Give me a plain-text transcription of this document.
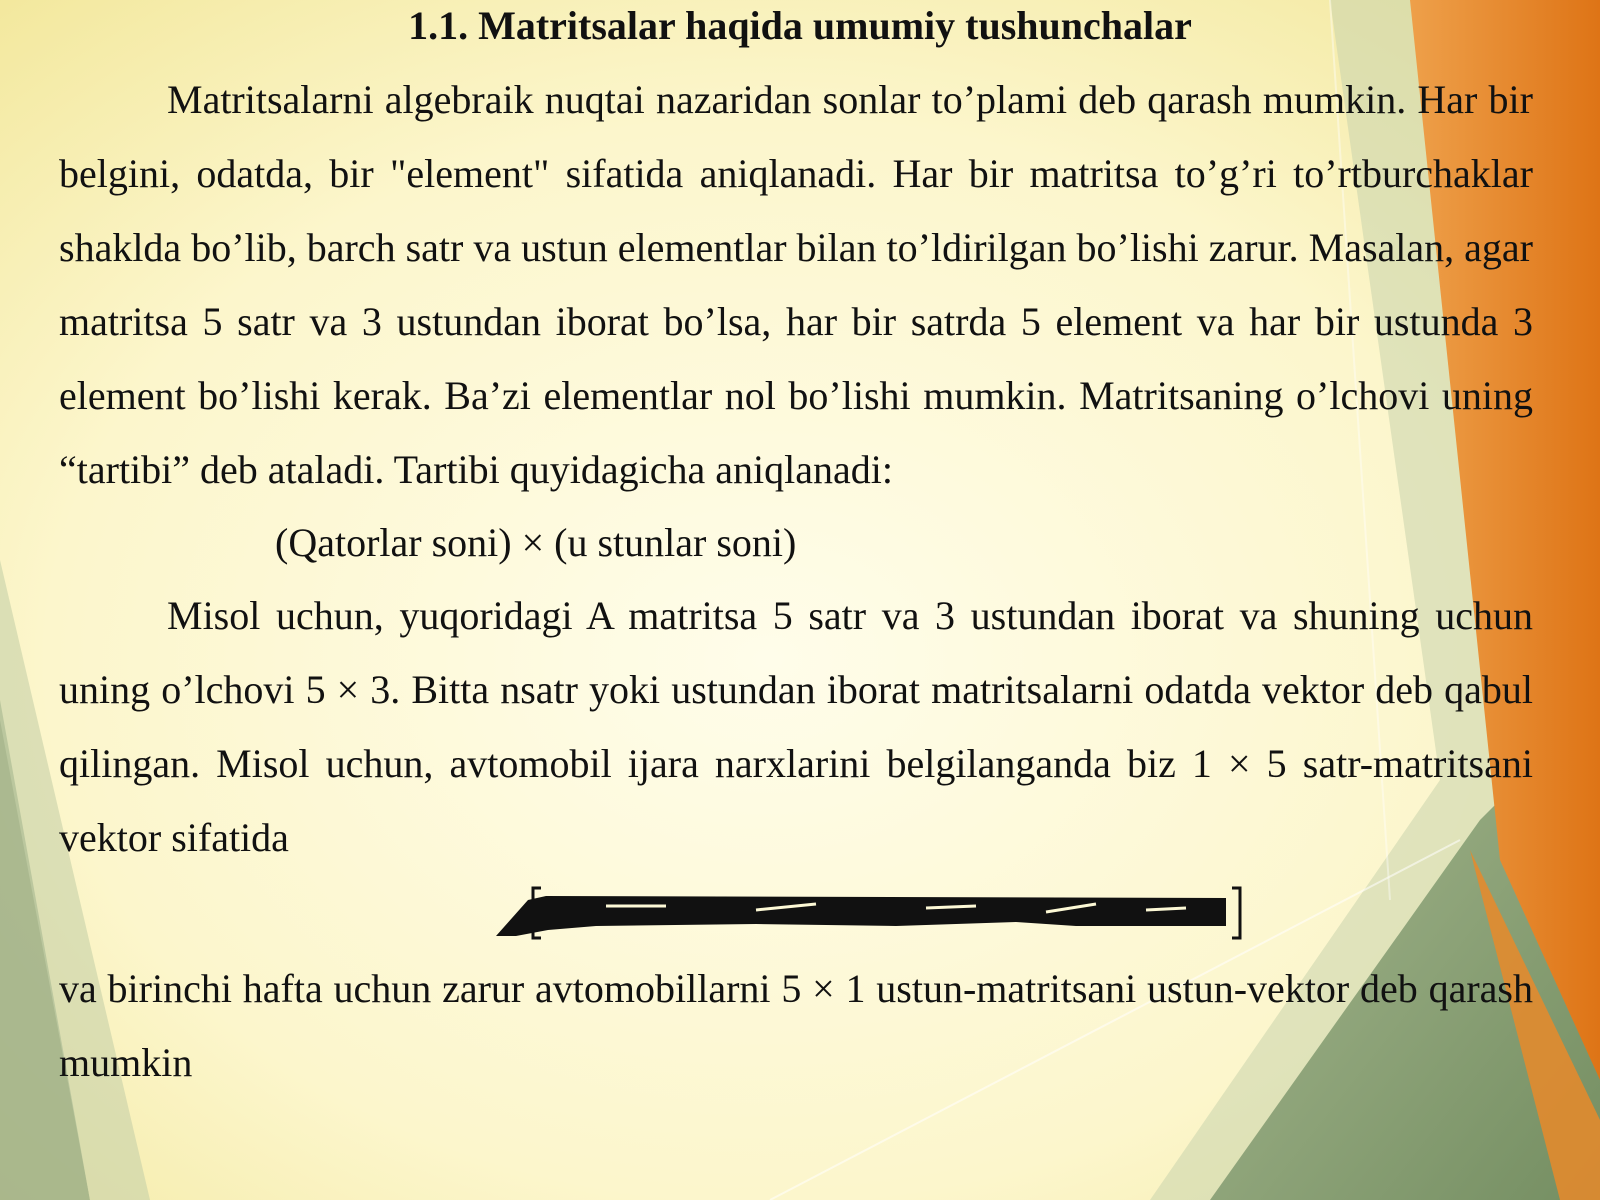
1.1. Matritsalar haqida umumiy tushunchalar
Matritsalarni algebraik nuqtai nazaridan sonlar to’plami deb qarash mumkin. Har bir belgini, odatda, bir "element" sifatida aniqlanadi. Har bir matritsa to’g’ri to’rtburchaklar shaklda bo’lib, barch satr va ustun elementlar bilan to’ldirilgan bo’lishi zarur. Masalan, agar matritsa 5 satr va 3 ustundan iborat bo’lsa, har bir satrda 5 element va har bir ustunda 3 element bo’lishi kerak. Ba’zi elementlar nol bo’lishi mumkin. Matritsaning o’lchovi uning “tartibi” deb ataladi. Tartibi quyidagicha aniqlanadi:
(Qatorlar soni) × (u stunlar soni)
Misol uchun, yuqoridagi A matritsa 5 satr va 3 ustundan iborat va shuning uchun uning o’lchovi 5 × 3. Bitta nsatr yoki ustundan iborat matritsalarni odatda vektor deb qabul qilingan. Misol uchun, avtomobil ijara narxlarini belgilanganda biz 1 × 5 satr-matritsani vektor sifatida
va birinchi hafta uchun zarur avtomobillarni 5 × 1 ustun-matritsani ustun-vektor deb qarash mumkin
